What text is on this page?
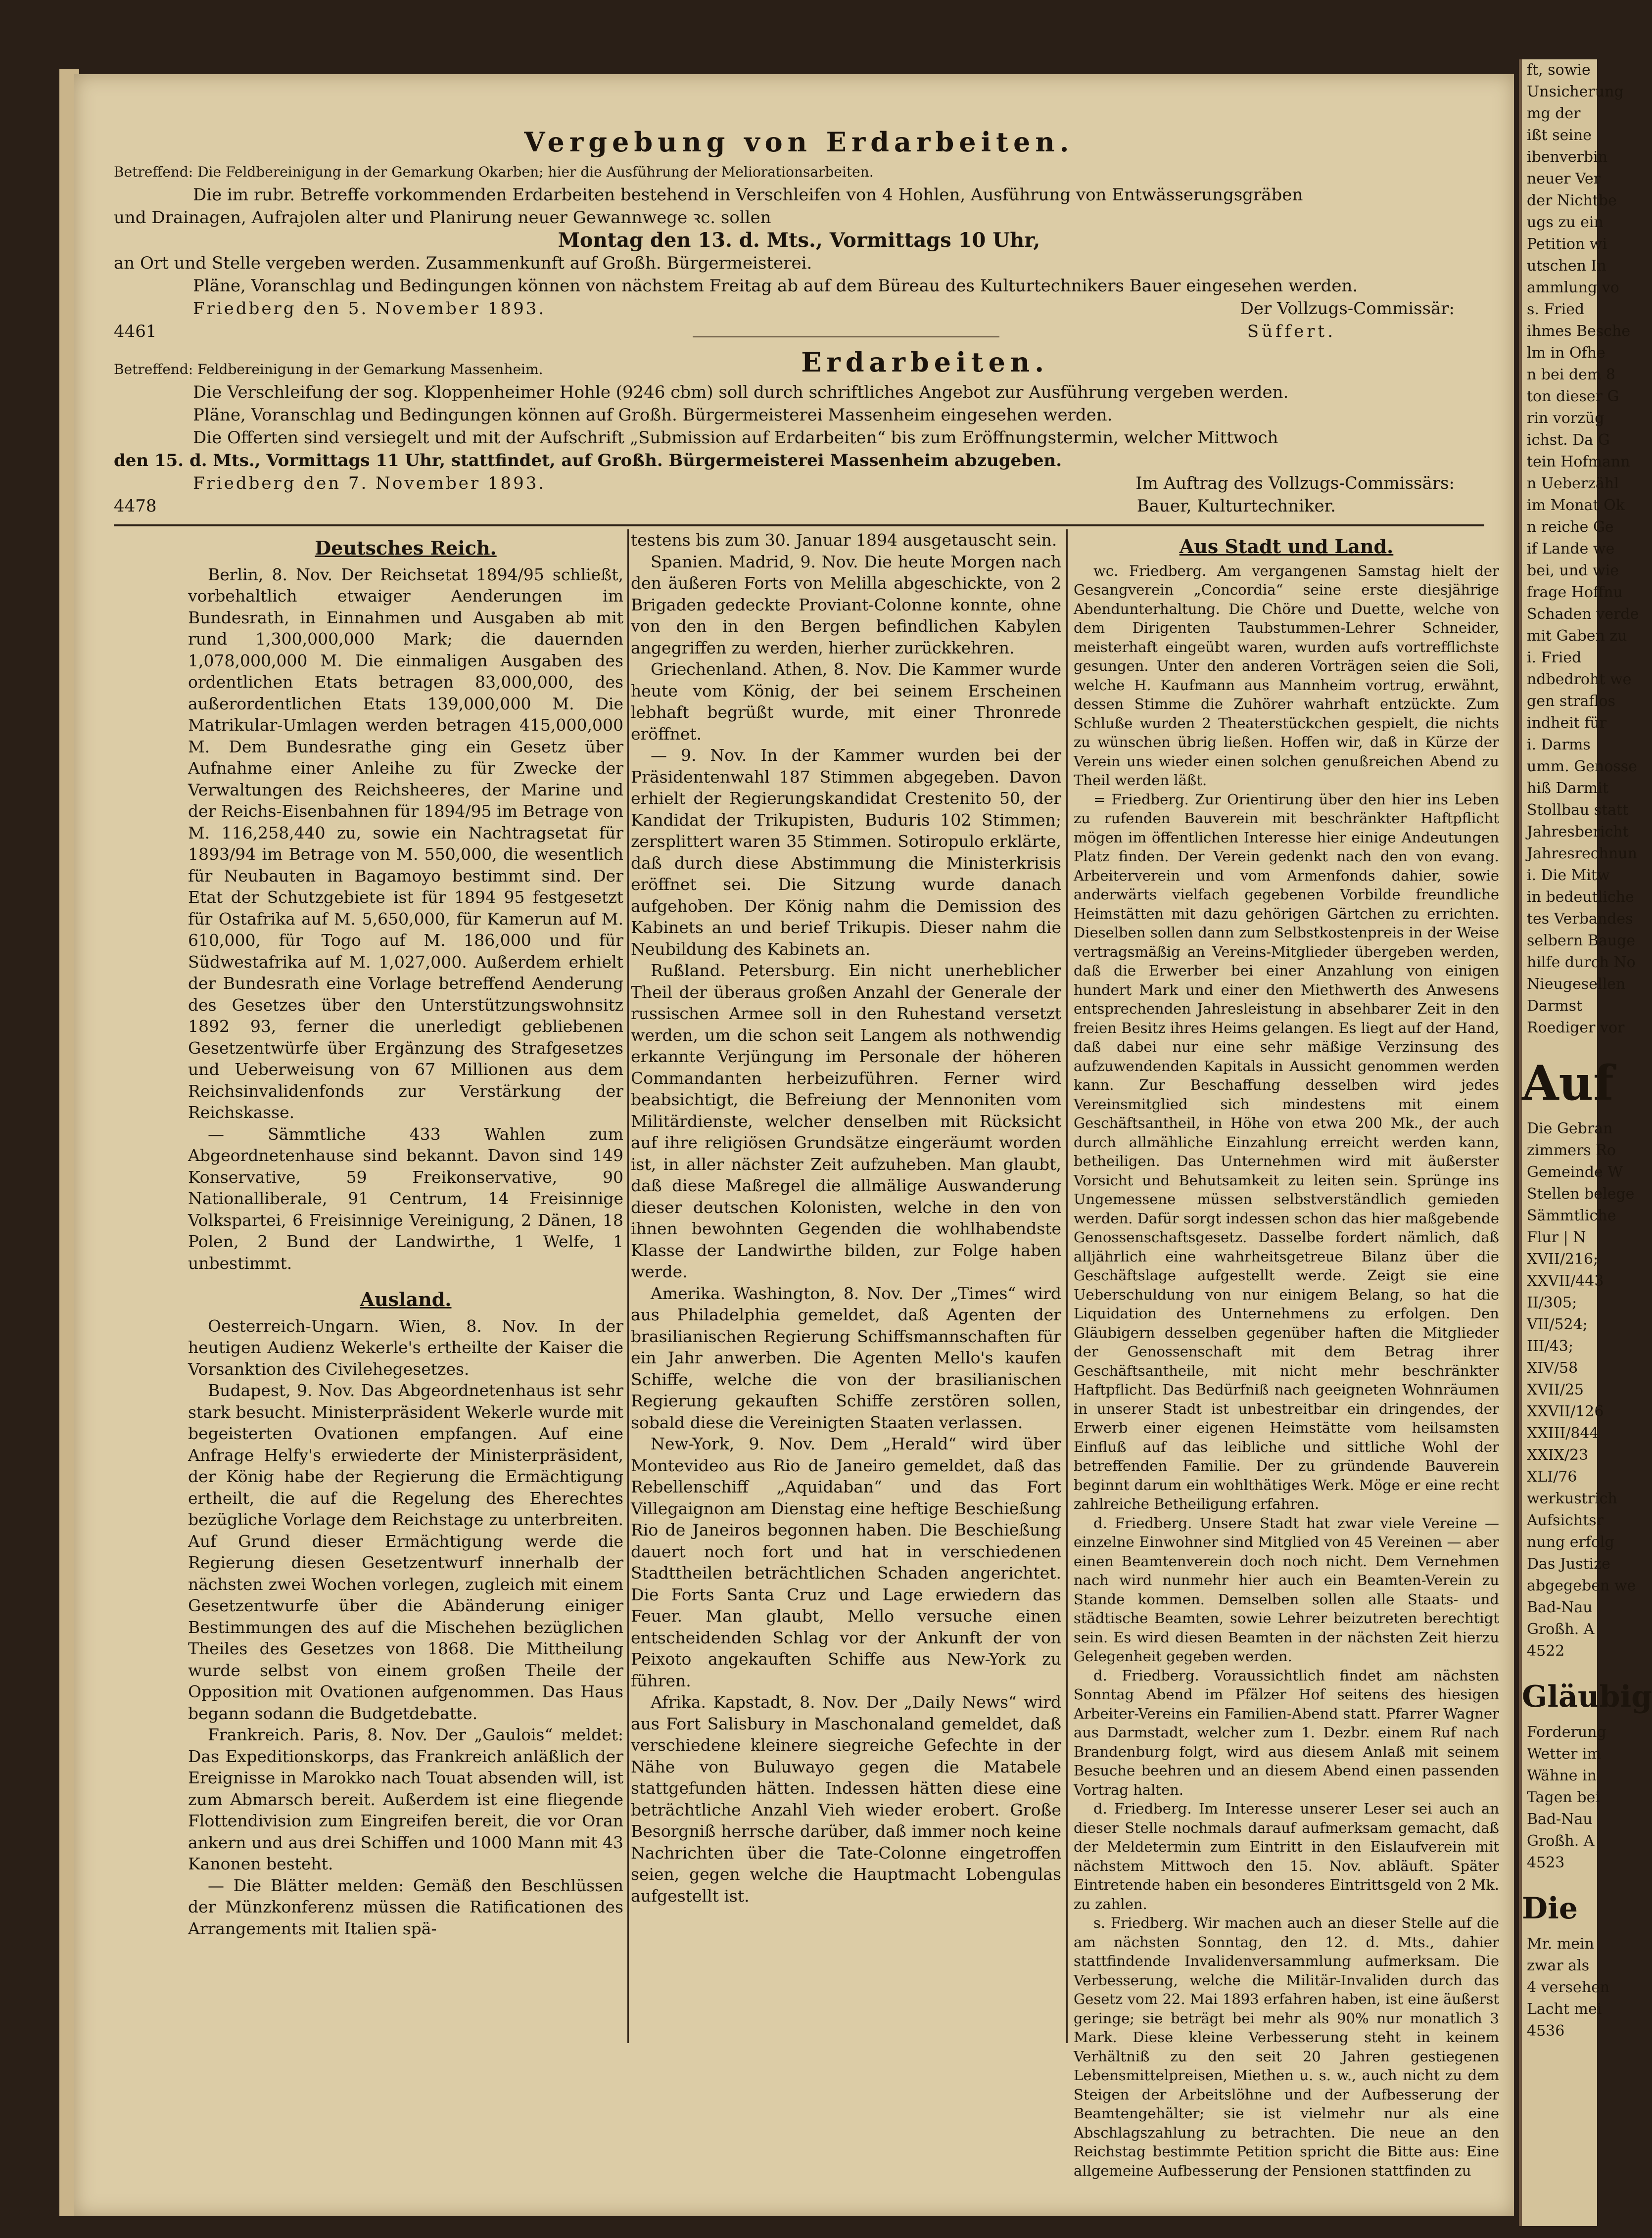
Vergebung von Erdarbeiten.

Betreffend: Die Feldbereinigung in der Gemarkung Okarben; hier die Ausführung der Meliorationsarbeiten.

Die im rubr. Betreffe vorkommenden Erdarbeiten bestehend in Verschleifen von 4 Hohlen, Ausführung von Entwässerungsgräben

und Drainagen, Aufrajolen alter und Planirung neuer Gewannwege ꝛc. sollen

Montag den 13. d. Mts., Vormittags 10 Uhr,

an Ort und Stelle vergeben werden. Zusammenkunft auf Großh. Bürgermeisterei.

Pläne, Voranschlag und Bedingungen können von nächstem Freitag ab auf dem Büreau des Kulturtechnikers Bauer eingesehen werden.

Friedberg den 5. November 1893.	Der Vollzugs-Commissär:

4461	Süffert.

Betreffend: Feldbereinigung in der Gemarkung Massenheim.	Erdarbeiten.

Die Verschleifung der sog. Kloppenheimer Hohle (9246 cbm) soll durch schriftliches Angebot zur Ausführung vergeben werden.

Pläne, Voranschlag und Bedingungen können auf Großh. Bürgermeisterei Massenheim eingesehen werden.

Die Offerten sind versiegelt und mit der Aufschrift „Submission auf Erdarbeiten“ bis zum Eröffnungstermin, welcher Mittwoch

den 15. d. Mts., Vormittags 11 Uhr, stattfindet, auf Großh. Bürgermeisterei Massenheim abzugeben.

Friedberg den 7. November 1893.	Im Auftrag des Vollzugs-Commissärs:

4478	Bauer, Kulturtechniker.

Deutsches Reich.

Berlin, 8. Nov. Der Reichsetat 1894/95 schließt, vorbehaltlich etwaiger Aenderungen im Bundesrath, in Einnahmen und Ausgaben ab mit rund 1,300,000,000 Mark; die dauernden 1,078,000,000 M. Die einmaligen Ausgaben des ordentlichen Etats betragen 83,000,000, des außerordentlichen Etats 139,000,000 M. Die Matrikular-Umlagen werden betragen 415,000,000 M. Dem Bundesrathe ging ein Gesetz über Aufnahme einer Anleihe zu für Zwecke der Verwaltungen des Reichsheeres, der Marine und der Reichs-Eisenbahnen für 1894/95 im Betrage von M. 116,258,440 zu, sowie ein Nachtragsetat für 1893/94 im Betrage von M. 550,000, die wesentlich für Neubauten in Bagamoyo bestimmt sind. Der Etat der Schutzgebiete ist für 1894 95 festgesetzt für Ostafrika auf M. 5,650,000, für Kamerun auf M. 610,000, für Togo auf M. 186,000 und für Südwestafrika auf M. 1,027,000. Außerdem erhielt der Bundesrath eine Vorlage betreffend Aenderung des Gesetzes über den Unterstützungswohnsitz 1892 93, ferner die unerledigt gebliebenen Gesetzentwürfe über Ergänzung des Strafgesetzes und Ueberweisung von 67 Millionen aus dem Reichsinvalidenfonds zur Verstärkung der Reichskasse.

— Sämmtliche 433 Wahlen zum Abgeordnetenhause sind bekannt. Davon sind 149 Konservative, 59 Freikonservative, 90 Nationalliberale, 91 Centrum, 14 Freisinnige Volkspartei, 6 Freisinnige Vereinigung, 2 Dänen, 18 Polen, 2 Bund der Landwirthe, 1 Welfe, 1 unbestimmt.

Ausland.

Oesterreich-Ungarn. Wien, 8. Nov. In der heutigen Audienz Wekerle's ertheilte der Kaiser die Vorsanktion des Civilehegesetzes.

Budapest, 9. Nov. Das Abgeordnetenhaus ist sehr stark besucht. Ministerpräsident Wekerle wurde mit begeisterten Ovationen empfangen. Auf eine Anfrage Helfy's erwiederte der Ministerpräsident, der König habe der Regierung die Ermächtigung ertheilt, die auf die Regelung des Eherechtes bezügliche Vorlage dem Reichstage zu unterbreiten. Auf Grund dieser Ermächtigung werde die Regierung diesen Gesetzentwurf innerhalb der nächsten zwei Wochen vorlegen, zugleich mit einem Gesetzentwurfe über die Abänderung einiger Bestimmungen des auf die Mischehen bezüglichen Theiles des Gesetzes von 1868. Die Mittheilung wurde selbst von einem großen Theile der Opposition mit Ovationen aufgenommen. Das Haus begann sodann die Budgetdebatte.

Frankreich. Paris, 8. Nov. Der „Gaulois“ meldet: Das Expeditionskorps, das Frankreich anläßlich der Ereignisse in Marokko nach Touat absenden will, ist zum Abmarsch bereit. Außerdem ist eine fliegende Flottendivision zum Eingreifen bereit, die vor Oran ankern und aus drei Schiffen und 1000 Mann mit 43 Kanonen besteht.

— Die Blätter melden: Gemäß den Beschlüssen der Münzkonferenz müssen die Ratificationen des Arrangements mit Italien spä-

testens bis zum 30. Januar 1894 ausgetauscht sein.

Spanien. Madrid, 9. Nov. Die heute Morgen nach den äußeren Forts von Melilla abgeschickte, von 2 Brigaden gedeckte Proviant-Colonne konnte, ohne von den in den Bergen befindlichen Kabylen angegriffen zu werden, hierher zurückkehren.

Griechenland. Athen, 8. Nov. Die Kammer wurde heute vom König, der bei seinem Erscheinen lebhaft begrüßt wurde, mit einer Thronrede eröffnet.

— 9. Nov. In der Kammer wurden bei der Präsidentenwahl 187 Stimmen abgegeben. Davon erhielt der Regierungskandidat Crestenito 50, der Kandidat der Trikupisten, Buduris 102 Stimmen; zersplittert waren 35 Stimmen. Sotiropulo erklärte, daß durch diese Abstimmung die Ministerkrisis eröffnet sei. Die Sitzung wurde danach aufgehoben. Der König nahm die Demission des Kabinets an und berief Trikupis. Dieser nahm die Neubildung des Kabinets an.

Rußland. Petersburg. Ein nicht unerheblicher Theil der überaus großen Anzahl der Generale der russischen Armee soll in den Ruhestand versetzt werden, um die schon seit Langem als nothwendig erkannte Verjüngung im Personale der höheren Commandanten herbeizuführen. Ferner wird beabsichtigt, die Befreiung der Mennoniten vom Militärdienste, welcher denselben mit Rücksicht auf ihre religiösen Grundsätze eingeräumt worden ist, in aller nächster Zeit aufzuheben. Man glaubt, daß diese Maßregel die allmälige Auswanderung dieser deutschen Kolonisten, welche in den von ihnen bewohnten Gegenden die wohlhabendste Klasse der Landwirthe bilden, zur Folge haben werde.

Amerika. Washington, 8. Nov. Der „Times“ wird aus Philadelphia gemeldet, daß Agenten der brasilianischen Regierung Schiffsmannschaften für ein Jahr anwerben. Die Agenten Mello's kaufen Schiffe, welche die von der brasilianischen Regierung gekauften Schiffe zerstören sollen, sobald diese die Vereinigten Staaten verlassen.

New-York, 9. Nov. Dem „Herald“ wird über Montevideo aus Rio de Janeiro gemeldet, daß das Rebellenschiff „Aquidaban“ und das Fort Villegaignon am Dienstag eine heftige Beschießung Rio de Janeiros begonnen haben. Die Beschießung dauert noch fort und hat in verschiedenen Stadttheilen beträchtlichen Schaden angerichtet. Die Forts Santa Cruz und Lage erwiedern das Feuer. Man glaubt, Mello versuche einen entscheidenden Schlag vor der Ankunft der von Peixoto angekauften Schiffe aus New-York zu führen.

Afrika. Kapstadt, 8. Nov. Der „Daily News“ wird aus Fort Salisbury in Maschonaland gemeldet, daß verschiedene kleinere siegreiche Gefechte in der Nähe von Buluwayo gegen die Matabele stattgefunden hätten. Indessen hätten diese eine beträchtliche Anzahl Vieh wieder erobert. Große Besorgniß herrsche darüber, daß immer noch keine Nachrichten über die Tate-Colonne eingetroffen seien, gegen welche die Hauptmacht Lobengulas aufgestellt ist.

Aus Stadt und Land.

wc. Friedberg. Am vergangenen Samstag hielt der Gesangverein „Concordia“ seine erste diesjährige Abendunterhaltung. Die Chöre und Duette, welche von dem Dirigenten Taubstummen-Lehrer Schneider, meisterhaft eingeübt waren, wurden aufs vortrefflichste gesungen. Unter den anderen Vorträgen seien die Soli, welche H. Kaufmann aus Mannheim vortrug, erwähnt, dessen Stimme die Zuhörer wahrhaft entzückte. Zum Schluße wurden 2 Theaterstückchen gespielt, die nichts zu wünschen übrig ließen. Hoffen wir, daß in Kürze der Verein uns wieder einen solchen genußreichen Abend zu Theil werden läßt.

= Friedberg. Zur Orientirung über den hier ins Leben zu rufenden Bauverein mit beschränkter Haftpflicht mögen im öffentlichen Interesse hier einige Andeutungen Platz finden. Der Verein gedenkt nach den von evang. Arbeiterverein und vom Armenfonds dahier, sowie anderwärts vielfach gegebenen Vorbilde freundliche Heimstätten mit dazu gehörigen Gärtchen zu errichten. Dieselben sollen dann zum Selbstkostenpreis in der Weise vertragsmäßig an Vereins-Mitglieder übergeben werden, daß die Erwerber bei einer Anzahlung von einigen hundert Mark und einer den Miethwerth des Anwesens entsprechenden Jahresleistung in absehbarer Zeit in den freien Besitz ihres Heims gelangen. Es liegt auf der Hand, daß dabei nur eine sehr mäßige Verzinsung des aufzuwendenden Kapitals in Aussicht genommen werden kann. Zur Beschaffung desselben wird jedes Vereinsmitglied sich mindestens mit einem Geschäftsantheil, in Höhe von etwa 200 Mk., der auch durch allmähliche Einzahlung erreicht werden kann, betheiligen. Das Unternehmen wird mit äußerster Vorsicht und Behutsamkeit zu leiten sein. Sprünge ins Ungemessene müssen selbstverständlich gemieden werden. Dafür sorgt indessen schon das hier maßgebende Genossenschaftsgesetz. Dasselbe fordert nämlich, daß alljährlich eine wahrheitsgetreue Bilanz über die Geschäftslage aufgestellt werde. Zeigt sie eine Ueberschuldung von nur einigem Belang, so hat die Liquidation des Unternehmens zu erfolgen. Den Gläubigern desselben gegenüber haften die Mitglieder der Genossenschaft mit dem Betrag ihrer Geschäftsantheile, mit nicht mehr beschränkter Haftpflicht. Das Bedürfniß nach geeigneten Wohnräumen in unserer Stadt ist unbestreitbar ein dringendes, der Erwerb einer eigenen Heimstätte vom heilsamsten Einfluß auf das leibliche und sittliche Wohl der betreffenden Familie. Der zu gründende Bauverein beginnt darum ein wohlthätiges Werk. Möge er eine recht zahlreiche Betheiligung erfahren.

d. Friedberg. Unsere Stadt hat zwar viele Vereine — einzelne Einwohner sind Mitglied von 45 Vereinen — aber einen Beamtenverein doch noch nicht. Dem Vernehmen nach wird nunmehr hier auch ein Beamten-Verein zu Stande kommen. Demselben sollen alle Staats- und städtische Beamten, sowie Lehrer beizutreten berechtigt sein. Es wird diesen Beamten in der nächsten Zeit hierzu Gelegenheit gegeben werden.

d. Friedberg. Voraussichtlich findet am nächsten Sonntag Abend im Pfälzer Hof seitens des hiesigen Arbeiter-Vereins ein Familien-Abend statt. Pfarrer Wagner aus Darmstadt, welcher zum 1. Dezbr. einem Ruf nach Brandenburg folgt, wird aus diesem Anlaß mit seinem Besuche beehren und an diesem Abend einen passenden Vortrag halten.

d. Friedberg. Im Interesse unserer Leser sei auch an dieser Stelle nochmals darauf aufmerksam gemacht, daß der Meldetermin zum Eintritt in den Eislaufverein mit nächstem Mittwoch den 15. Nov. abläuft. Später Eintretende haben ein besonderes Eintrittsgeld von 2 Mk. zu zahlen.

s. Friedberg. Wir machen auch an dieser Stelle auf die am nächsten Sonntag, den 12. d. Mts., dahier stattfindende Invalidenversammlung aufmerksam. Die Verbesserung, welche die Militär-Invaliden durch das Gesetz vom 22. Mai 1893 erfahren haben, ist eine äußerst geringe; sie beträgt bei mehr als 90% nur monatlich 3 Mark. Diese kleine Verbesserung steht in keinem Verhältniß zu den seit 20 Jahren gestiegenen Lebensmittelpreisen, Miethen u. s. w., auch nicht zu dem Steigen der Arbeitslöhne und der Aufbesserung der Beamtengehälter; sie ist vielmehr nur als eine Abschlagszahlung zu betrachten. Die neue an den Reichstag bestimmte Petition spricht die Bitte aus: Eine allgemeine Aufbesserung der Pensionen stattfinden zu

ft, sowie
Unsicherung
mg der
ißt seine
ibenverbin
neuer Ver
der Nichtbe
ugs zu ein
Petition wi
utschen In
ammlung vo
s. Fried
ihmes Besche
lm in Ofhe
n bei dem 8
ton dieser G
rin vorzüg
ichst. Da G
tein Hofmann
n Ueberzähl
im Monat Ok
n reiche Ge
if Lande we
bei, und wie
frage Hoffnu
Schaden verde
mit Gaben zu
i. Fried
ndbedroht we
gen straflos
indheit für
i. Darms
umm. Genosse
hiß Darmit
Stollbau statt
Jahresbericht
Jahresrechnun
i. Die Mitw
in bedeutliche
tes Verbandes
selbern Bauge
hilfe durch No
Nieugesellen
Darmst
Roediger vor
Auf
Die Gebran
zimmers Ro
Gemeinde W
Stellen belege
Sämmtliche
Flur | N
XVII/216;
XXVII/443
II/305;
VII/524;
III/43;
XIV/58
XVII/25
XXVII/126
XXIII/844
XXIX/23
XLI/76
werkustrich
Aufsichtsr
nung erfolg
Das Justize
abgegeben we
Bad-Nau
Großh. A
4522
Gläubig
Forderung
Wetter im
Wähne in
Tagen bei
Bad-Nau
Großh. A
4523
Die
Mr. mein
zwar als
4 versehen
Lacht mei
4536
